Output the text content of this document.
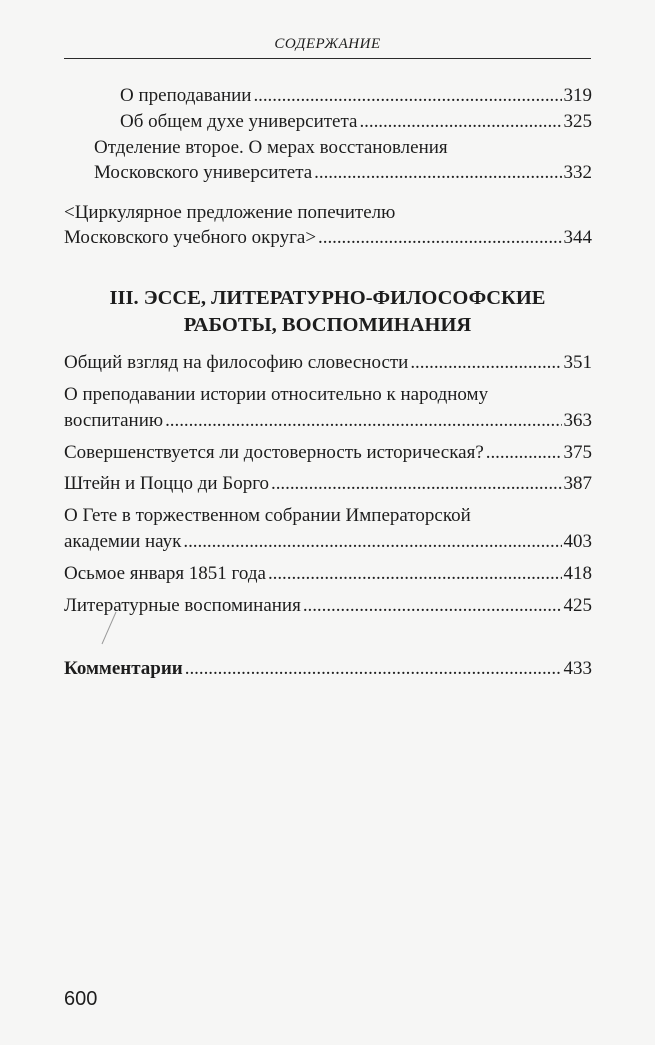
СОДЕРЖАНИЕ
О преподавании . . .	319
Об общем духе университета . . .	325
Отделение второе. О мерах восстановления
Московского университета . . .	332
<Циркулярное предложение попечителю
Московского учебного округа> . . .	344
III. ЭССЕ, ЛИТЕРАТУРНО-ФИЛОСОФСКИЕ
РАБОТЫ, ВОСПОМИНАНИЯ
Общий взгляд на философию словесности . . .	351
О преподавании истории относительно к народному
воспитанию . . .	363
Совершенствуется ли достоверность историческая? . . .	375
Штейн и Поццо ди Борго . . .	387
О Гете в торжественном собрании Императорской
академии наук . . .	403
Осьмое января 1851 года . . .	418
Литературные воспоминания . . .	425
Комментарии . . .	433
600
